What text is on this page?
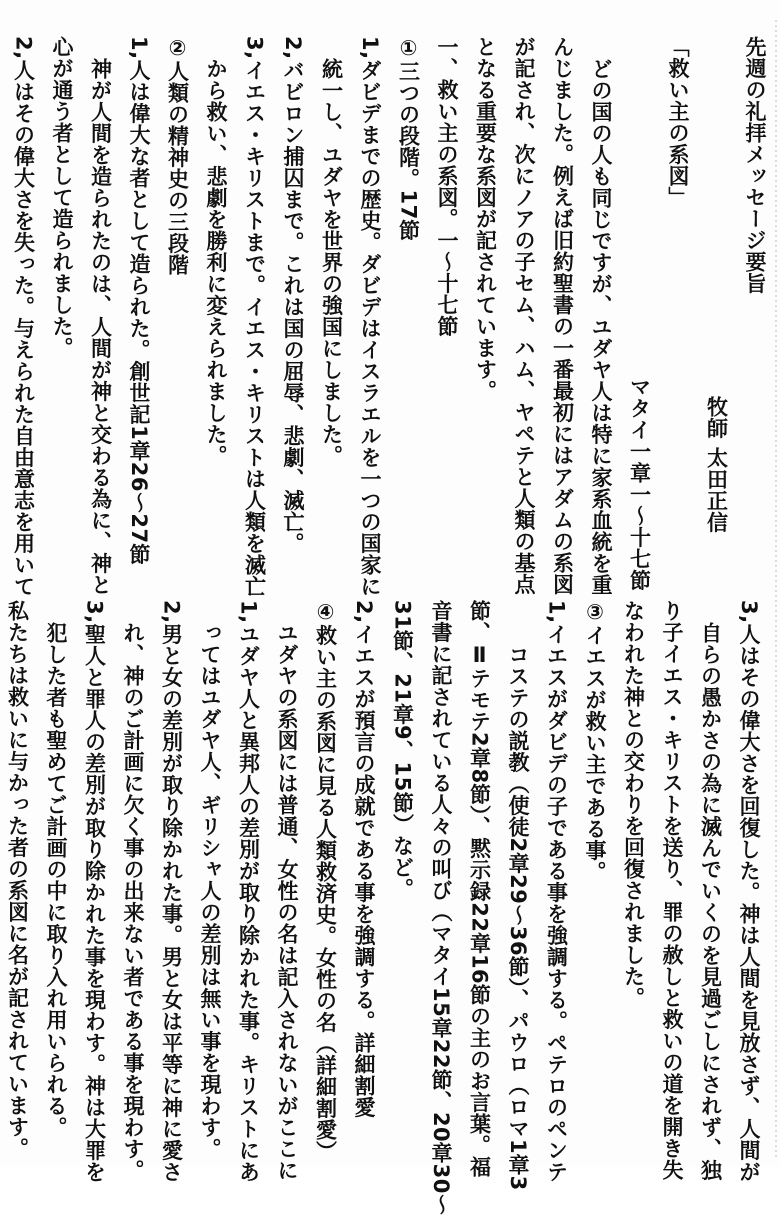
先週の礼拝メッセージ要旨
牧師 太田正信
「救い主の系図」
マタイ一章一〜十七節
どの国の人も同じですが、ユダヤ人は特に家系血統を重
んじました。例えば旧約聖書の一番最初にはアダムの系図
が記され、次にノアの子セム、ハム、ヤペテと人類の基点
となる重要な系図が記されています。
一、救い主の系図。一〜十七節
①三つの段階。17節
1,ダビデまでの歴史。ダビデはイスラエルを一つの国家に
統一し、ユダヤを世界の強国にしました。
2,バビロン捕囚まで。これは国の屈辱、悲劇、滅亡。
3,イエス・キリストまで。イエス・キリストは人類を滅亡
から救い、悲劇を勝利に変えられました。
②人類の精神史の三段階
1,人は偉大な者として造られた。創世記1章26〜27節
神が人間を造られたのは、人間が神と交わる為に、神と
心が通う者として造られました。
2,人はその偉大さを失った。与えられた自由意志を用いて
3,人はその偉大さを回復した。神は人間を見放さず、人間が
自らの愚かさの為に滅んでいくのを見過ごしにされず、独
り子イエス・キリストを送り、罪の赦しと救いの道を開き失
なわれた神との交わりを回復されました。
③イエスが救い主である事。
1,イエスがダビデの子である事を強調する。ペテロのペンテ
コステの説教（使徒2章29〜36節）、パウロ（ロマ1章3
節、Ⅱテモテ2章8節）、黙示録22章16節の主のお言葉。福
音書に記されている人々の叫び（マタイ15章22節、20章30〜
31節、21章9、15節）など。
2,イエスが預言の成就である事を強調する。詳細割愛
④救い主の系図に見る人類救済史。女性の名（詳細割愛）
ユダヤの系図には普通、女性の名は記入されないがここに
1,ユダヤ人と異邦人の差別が取り除かれた事。キリストにあ
ってはユダヤ人、ギリシャ人の差別は無い事を現わす。
2,男と女の差別が取り除かれた事。男と女は平等に神に愛さ
れ、神のご計画に欠く事の出来ない者である事を現わす。
3,聖人と罪人の差別が取り除かれた事を現わす。神は大罪を
犯した者も聖めてご計画の中に取り入れ用いられる。
私たちは救いに与かった者の系図に名が記されています。
